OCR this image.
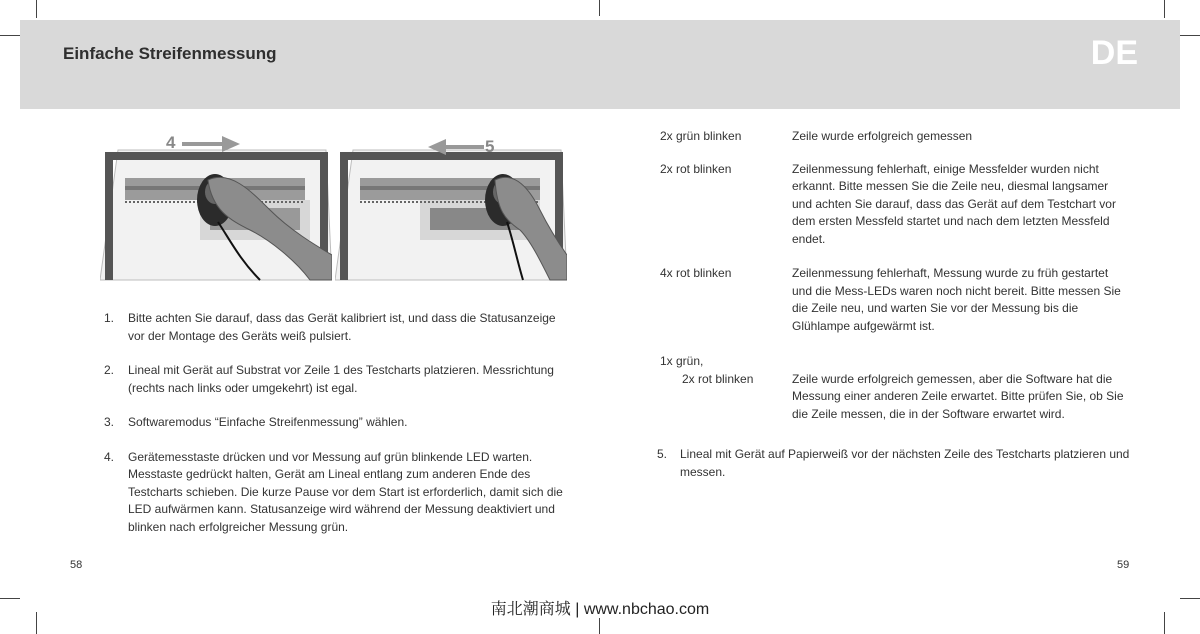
Einfache Streifenmessung	DE
4	5
1. Bitte achten Sie darauf, dass das Gerät kalibriert ist, und dass die Statusanzeige vor der Montage des Geräts weiß pulsiert.
2. Lineal mit Gerät auf Substrat vor Zeile 1 des Testcharts platzieren. Messrichtung (rechts nach links oder umgekehrt) ist egal.
3. Softwaremodus “Einfache Streifenmessung” wählen.
4. Gerätemesstaste drücken und vor Messung auf grün blinkende LED warten. Messtaste gedrückt halten, Gerät am Lineal entlang zum anderen Ende des Testcharts schieben. Die kurze Pause vor dem Start ist erforderlich, damit sich die LED aufwärmen kann. Statusanzeige wird während der Messung deaktiviert und blinken nach erfolgreicher Messung grün.
2x grün blinken	Zeile wurde erfolgreich gemessen
2x rot blinken	Zeilenmessung fehlerhaft, einige Messfelder wurden nicht erkannt. Bitte messen Sie die Zeile neu, diesmal langsamer und achten Sie darauf, dass das Gerät auf dem Testchart vor dem ersten Messfeld startet und nach dem letzten Messfeld endet.
4x rot blinken	Zeilenmessung fehlerhaft, Messung wurde zu früh gestartet und die Mess-LEDs waren noch nicht bereit. Bitte messen Sie die Zeile neu, und warten Sie vor der Messung bis die Glühlampe aufgewärmt ist.
1x grün,
2x rot blinken	Zeile wurde erfolgreich gemessen, aber die Software hat die Messung einer anderen Zeile erwartet. Bitte prüfen Sie, ob Sie die Zeile messen, die in der Software erwartet wird.
5. Lineal mit Gerät auf Papierweiß vor der nächsten Zeile des Testcharts platzieren und messen.
58	59
南北潮商城 | www.nbchao.com
